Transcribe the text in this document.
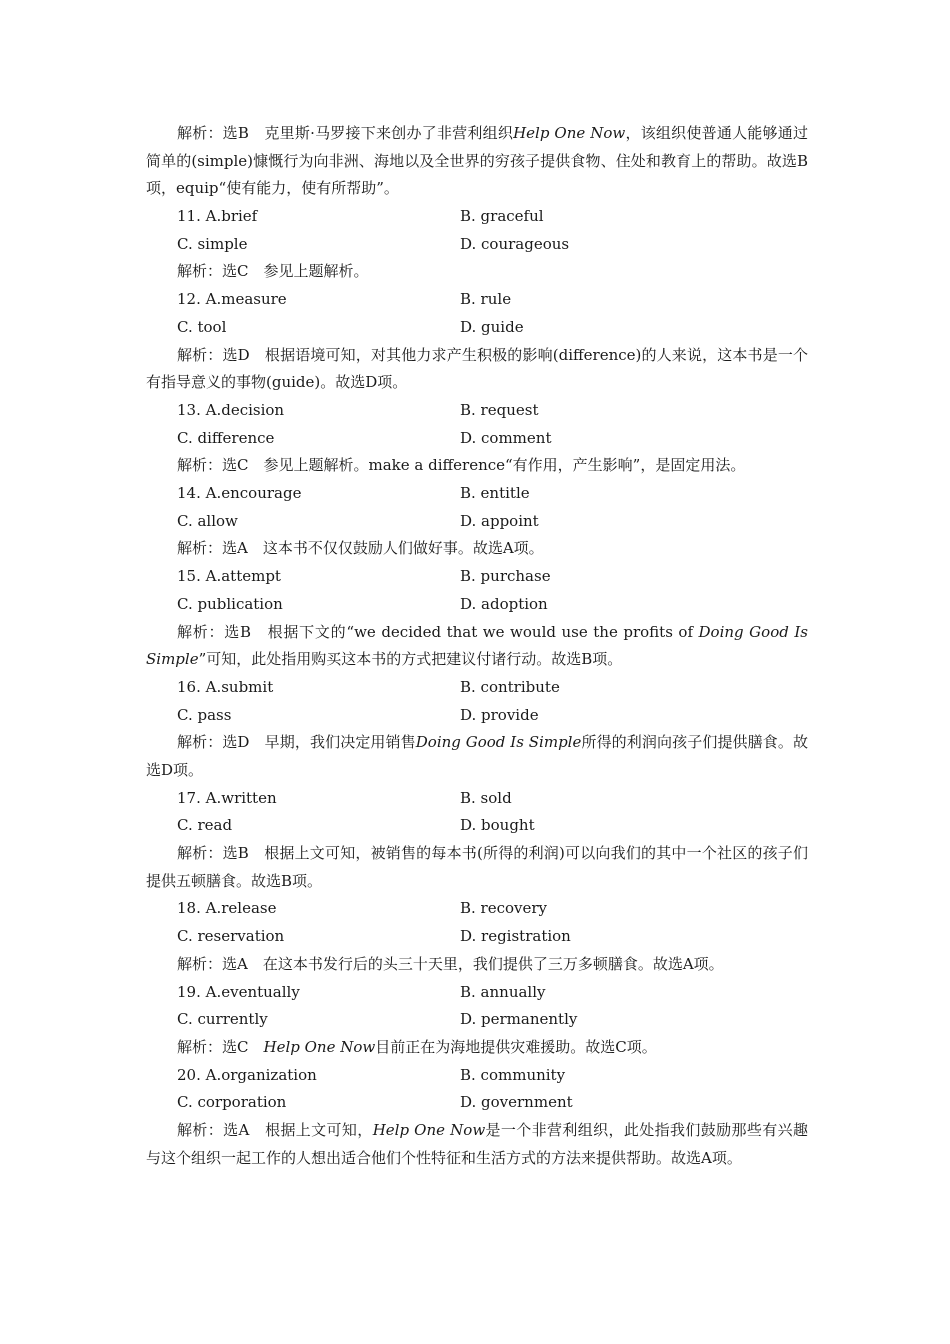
解析：选B　克里斯·马罗接下来创办了非营利组织Help One Now，该组织使普通人能够通过简单的(simple)慷慨行为向非洲、海地以及全世界的穷孩子提供食物、住处和教育上的帮助。故选B项，equip“使有能力，使有所帮助”。

11. A.brief	B. graceful
C. simple	D. courageous

解析：选C　参见上题解析。

12. A.measure	B. rule
C. tool	D. guide

解析：选D　根据语境可知，对其他力求产生积极的影响(difference)的人来说，这本书是一个有指导意义的事物(guide)。故选D项。

13. A.decision	B. request
C. difference	D. comment

解析：选C　参见上题解析。make a difference“有作用，产生影响”，是固定用法。

14. A.encourage	B. entitle
C. allow	D. appoint

解析：选A　这本书不仅仅鼓励人们做好事。故选A项。

15. A.attempt	B. purchase
C. publication	D. adoption

解析：选B　根据下文的“we decided that we would use the profits of Doing Good Is Simple”可知，此处指用购买这本书的方式把建议付诸行动。故选B项。

16. A.submit	B. contribute
C. pass	D. provide

解析：选D　早期，我们决定用销售Doing Good Is Simple所得的利润向孩子们提供膳食。故选D项。

17. A.written	B. sold
C. read	D. bought

解析：选B　根据上文可知，被销售的每本书(所得的利润)可以向我们的其中一个社区的孩子们提供五顿膳食。故选B项。

18. A.release	B. recovery
C. reservation	D. registration

解析：选A　在这本书发行后的头三十天里，我们提供了三万多顿膳食。故选A项。

19. A.eventually	B. annually
C. currently	D. permanently

解析：选C　Help One Now目前正在为海地提供灾难援助。故选C项。

20. A.organization	B. community
C. corporation	D. government

解析：选A　根据上文可知，Help One Now是一个非营利组织，此处指我们鼓励那些有兴趣与这个组织一起工作的人想出适合他们个性特征和生活方式的方法来提供帮助。故选A项。
